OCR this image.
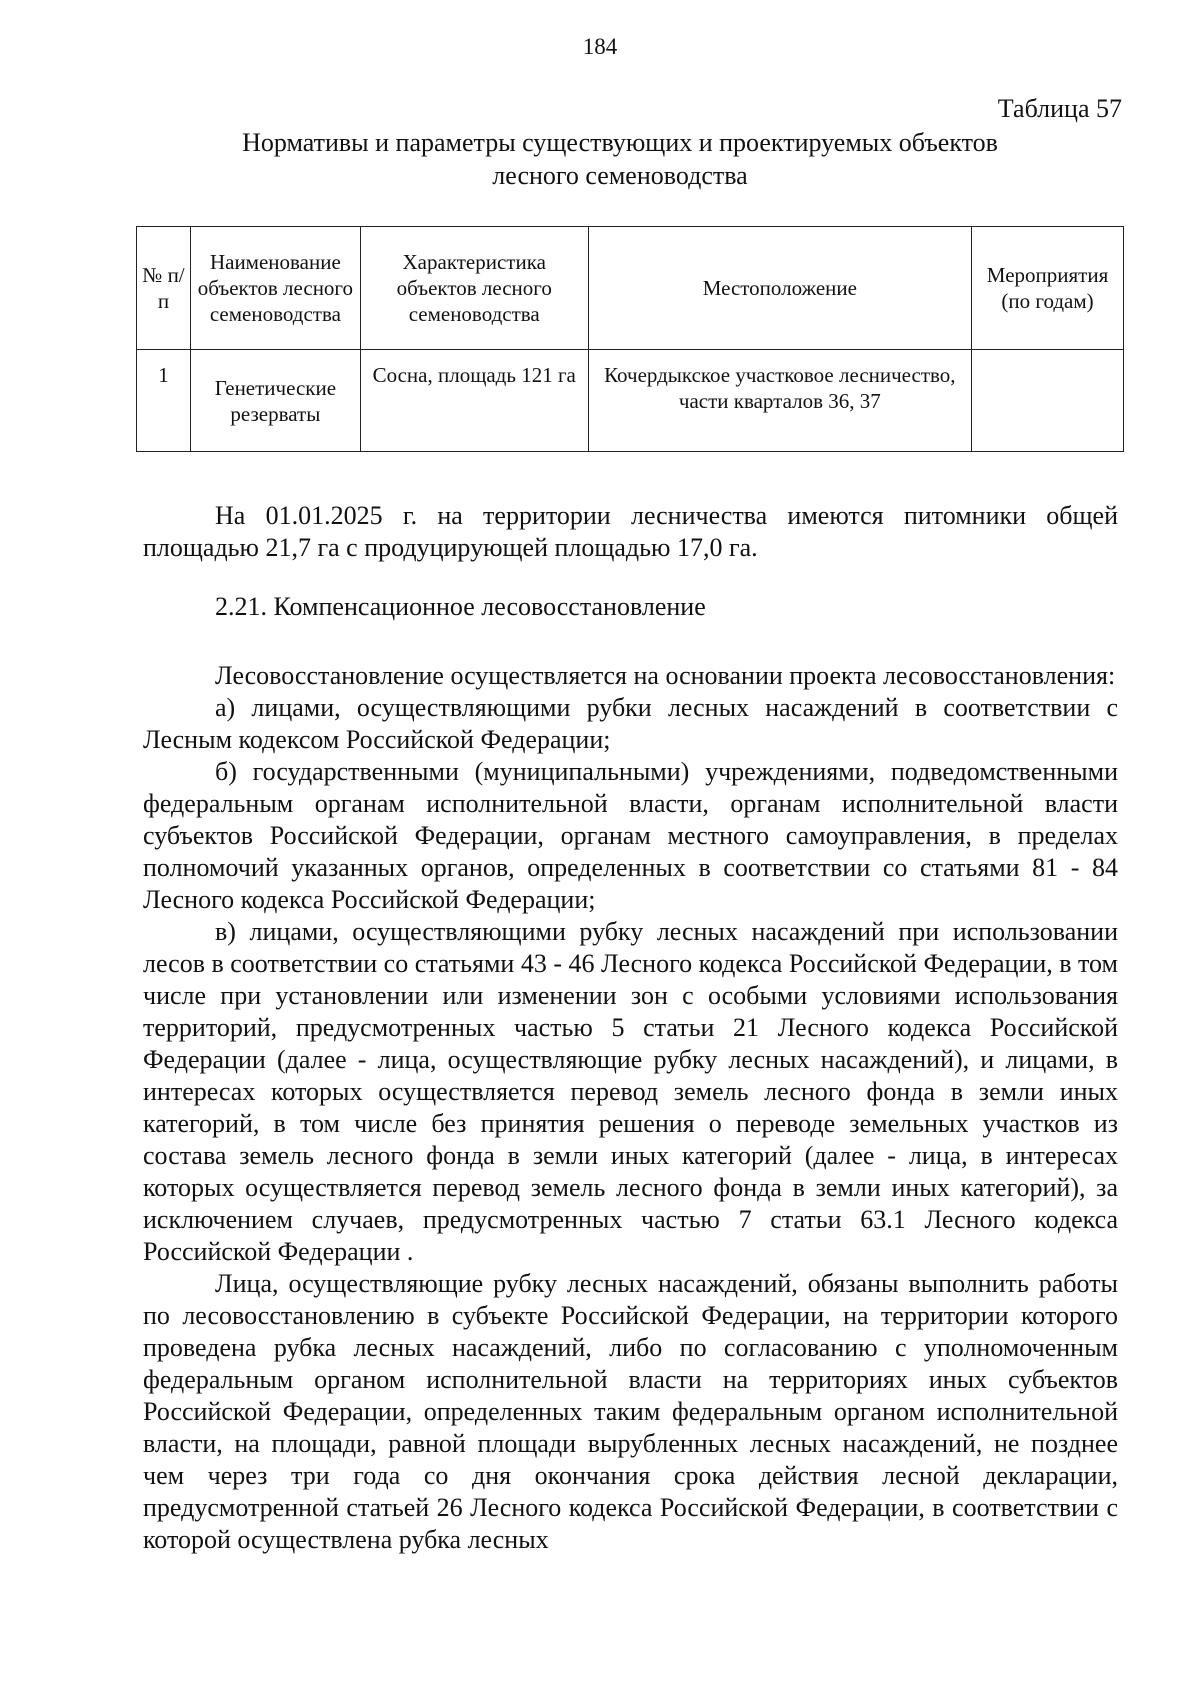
184
Таблица 57
Нормативы и параметры существующих и проектируемых объектов
лесного семеноводства
№ п/п	Наименование объектов лесного семеноводства	Характеристика объектов лесного семеноводства	Местоположение	Мероприятия (по годам)
1	Генетические резерваты	Сосна, площадь 121 га	Кочердыкское участковое лесничество, части кварталов 36, 37	

На 01.01.2025 г. на территории лесничества имеются питомники общей площадью 21,7 га с продуцирующей площадью 17,0 га.

2.21. Компенсационное лесовосстановление

Лесовосстановление осуществляется на основании проекта лесовосстановления:

а) лицами, осуществляющими рубки лесных насаждений в соответствии с Лесным кодексом Российской Федерации;

б) государственными (муниципальными) учреждениями, подведомственными федеральным органам исполнительной власти, органам исполнительной власти субъектов Российской Федерации, органам местного самоуправления, в пределах полномочий указанных органов, определенных в соответствии со статьями 81 - 84 Лесного кодекса Российской Федерации;

в) лицами, осуществляющими рубку лесных насаждений при использовании лесов в соответствии со статьями 43 - 46 Лесного кодекса Российской Федерации, в том числе при установлении или изменении зон с особыми условиями использования территорий, предусмотренных частью 5 статьи 21 Лесного кодекса Российской Федерации (далее - лица, осуществляющие рубку лесных насаждений), и лицами, в интересах которых осуществляется перевод земель лесного фонда в земли иных категорий, в том числе без принятия решения о переводе земельных участков из состава земель лесного фонда в земли иных категорий (далее - лица, в интересах которых осуществляется перевод земель лесного фонда в земли иных категорий), за исключением случаев, предусмотренных частью 7 статьи 63.1 Лесного кодекса Российской Федерации .

Лица, осуществляющие рубку лесных насаждений, обязаны выполнить работы по лесовосстановлению в субъекте Российской Федерации, на территории которого проведена рубка лесных насаждений, либо по согласованию с уполномоченным федеральным органом исполнительной власти на территориях иных субъектов Российской Федерации, определенных таким федеральным органом исполнительной власти, на площади, равной площади вырубленных лесных насаждений, не позднее чем через три года со дня окончания срока действия лесной декларации, предусмотренной статьей 26 Лесного кодекса Российской Федерации, в соответствии с которой осуществлена рубка лесных
